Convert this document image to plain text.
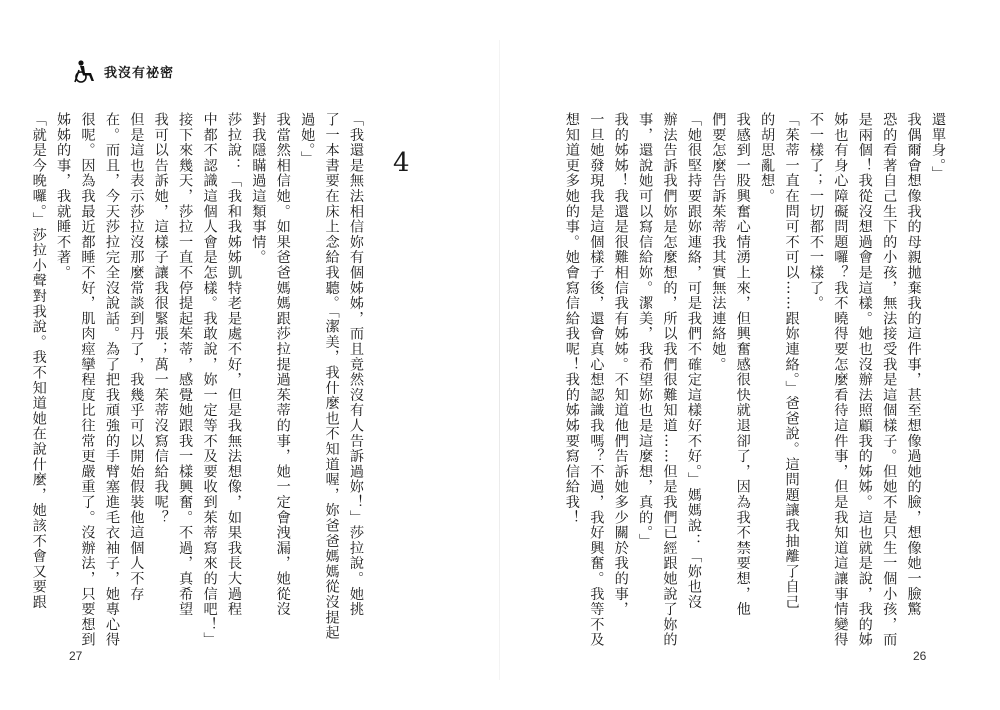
我沒有祕密

「我還是無法相信妳有個姊姊，而且竟然沒有人告訴過妳！」莎拉說。她挑

了一本書要在床上念給我聽。「潔美，我什麼也不知道喔，妳爸爸媽媽從沒提起

過她。」

我當然相信她。如果爸爸媽媽跟莎拉提過茱蒂的事，她一定會洩漏，她從沒

對我隱瞞過這類事情。

莎拉說：「我和我姊姊凱特老是處不好，但是我無法想像，如果我長大過程

中都不認識這個人會是怎樣。我敢說，妳一定等不及要收到茱蒂寫來的信吧！」

接下來幾天，莎拉一直不停提起茱蒂，感覺她跟我一樣興奮。不過，真希望

我可以告訴她，這樣子讓我很緊張；萬一茱蒂沒寫信給我呢？

但是這也表示莎拉沒那麼常談到丹了，我幾乎可以開始假裝他這個人不存

在。而且，今天莎拉完全沒說話。為了把我頑強的手臂塞進毛衣袖子，她專心得

很呢。因為我最近都睡不好，肌肉痙攣程度比往常更嚴重了。沒辦法，只要想到

姊姊的事，我就睡不著。

「就是今晚囉。」莎拉小聲對我說。我不知道她在說什麼，她該不會又要跟	4	還單身。」

我偶爾會想像我的母親拋棄我的這件事，甚至想像過她的臉，想像她一臉驚

恐的看著自己生下的小孩，無法接受我是這個樣子。但她不是只生一個小孩，而

是兩個！我從沒想過會是這樣。她也沒辦法照顧我的姊姊。這也就是說，我的姊

姊也有身心障礙問題囉？我不曉得要怎麼看待這件事，但是我知道這讓事情變得

不一樣了；一切都不一樣了。

「茱蒂一直在問可不可以……跟妳連絡。」爸爸說。這問題讓我抽離了自己

的胡思亂想。

我感到一股興奮心情湧上來，但興奮感很快就退卻了，因為我不禁要想，他

們要怎麼告訴茱蒂我其實無法連絡她。

「她很堅持要跟妳連絡，可是我們不確定這樣好不好。」媽媽說：「妳也沒

辦法告訴我們妳是怎麼想的，所以我們很難知道……但是我們已經跟她說了妳的

事，還說她可以寫信給妳。潔美，我希望妳也是這麼想，真的。」

我的姊姊！我還是很難相信我有姊姊。不知道他們告訴她多少關於我的事，

一旦她發現我是這個樣子後，還會真心想認識我嗎？不過，我好興奮。我等不及

想知道更多她的事。她會寫信給我呢！我的姊姊要寫信給我！

27	26
